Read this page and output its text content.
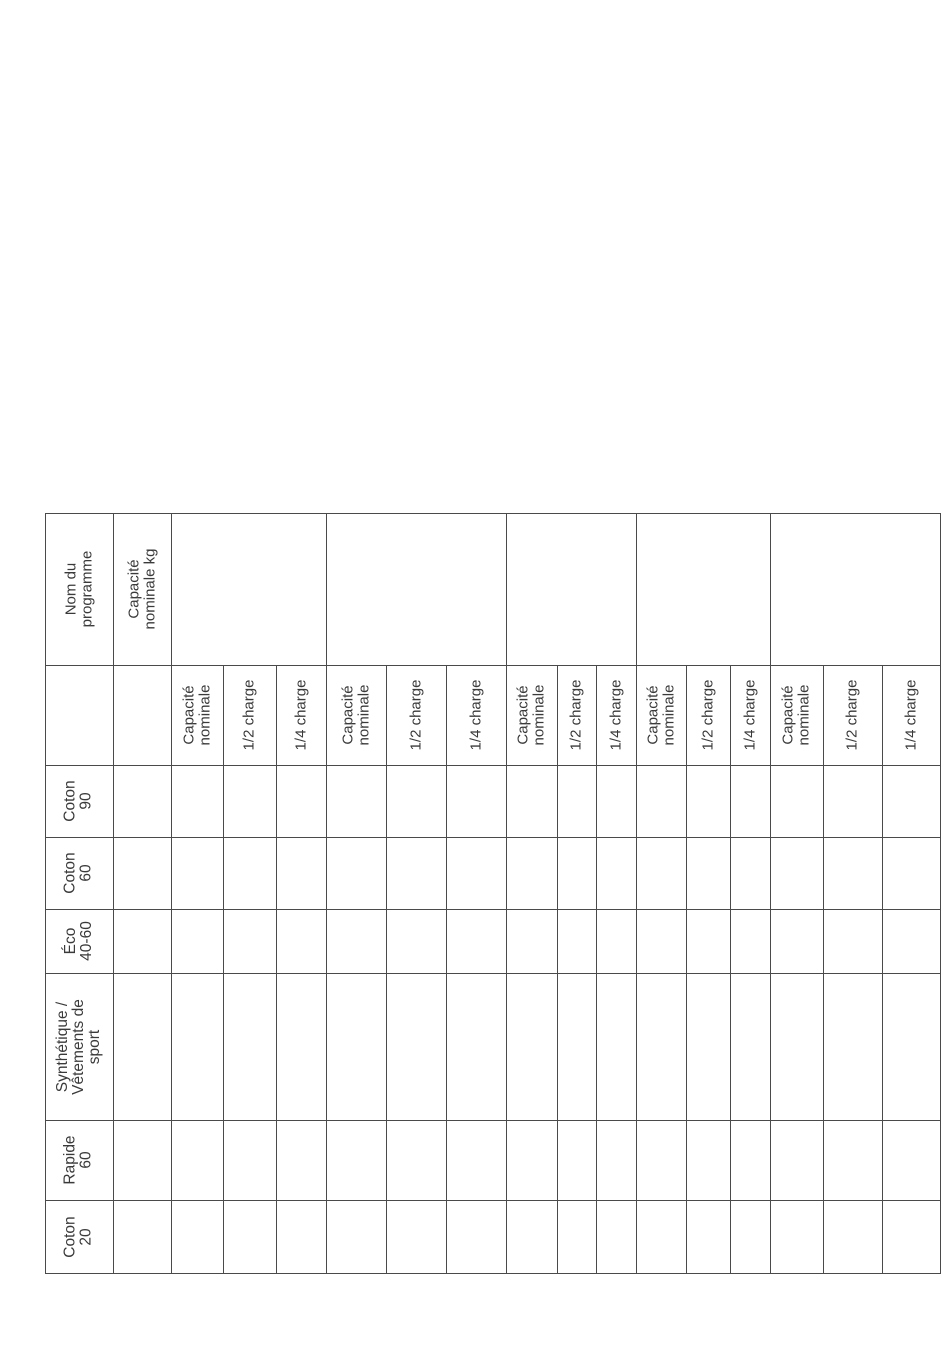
Nom du
programme Capacité
nominale kg
Capacité
nominale 1/2 charge 1/4 charge Capacité
nominale 1/2 charge	1/4 charge Capacité
nominale 1/2 charge 1/4 charge Capacité
nominale 1/2 charge 1/4 charge Capacité
nominale 1/2 charge	1/4 charge
Coton
90
Coton
60
Éco
40-60
Synthétique /
Vêtements de
sport
Rapide
60
Coton
20
